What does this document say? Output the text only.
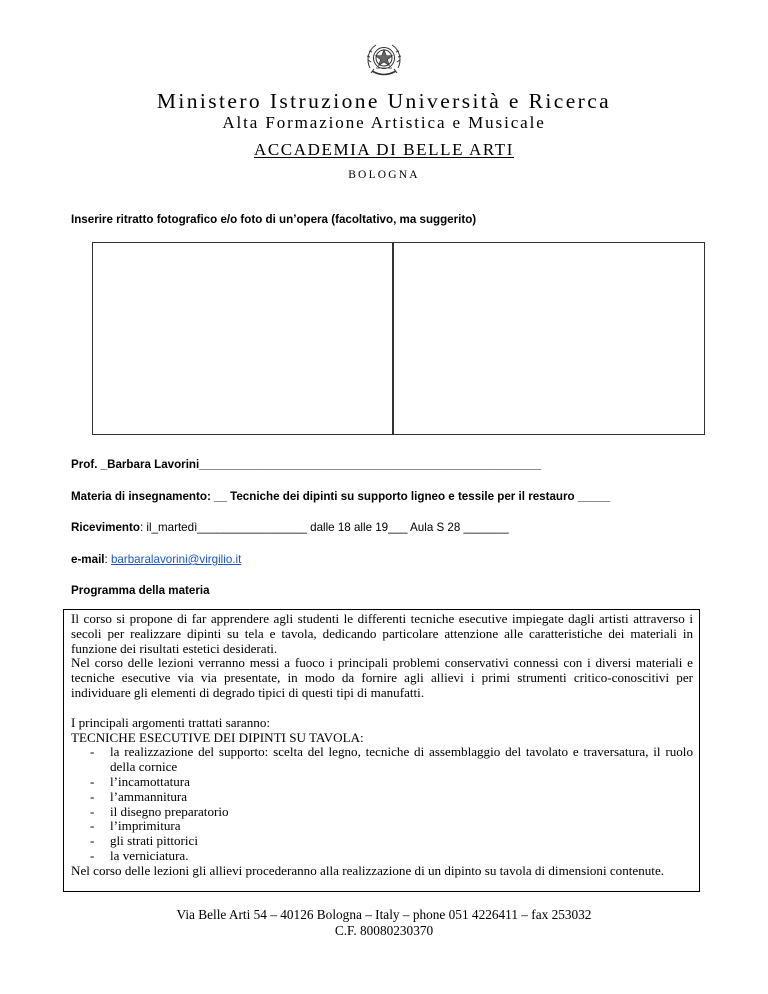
Ministero Istruzione Università e Ricerca
Alta Formazione Artistica e Musicale
ACCADEMIA DI BELLE ARTI
BOLOGNA
Inserire ritratto fotografico e/o foto di un’opera (facoltativo, ma suggerito)
Prof. _Barbara Lavorini_____________________________________________________
Materia di insegnamento: __ Tecniche dei dipinti su supporto ligneo e tessile per il restauro _____
Ricevimento: il_martedì_________________ dalle 18 alle 19___ Aula S 28 _______
e-mail: barbaralavorini@virgilio.it
Programma della materia

Il corso si propone di far apprendere agli studenti le differenti tecniche esecutive impiegate dagli artisti attraverso i secoli per realizzare dipinti su tela e tavola, dedicando particolare attenzione alle caratteristiche dei materiali in funzione dei risultati estetici desiderati.

Nel corso delle lezioni verranno messi a fuoco i principali problemi conservativi connessi con i diversi materiali e tecniche esecutive via via presentate, in modo da fornire agli allievi i primi strumenti critico-conoscitivi per individuare gli elementi di degrado tipici di questi tipi di manufatti.

I principali argomenti trattati saranno:

TECNICHE ESECUTIVE DEI DIPINTI SU TAVOLA:

- la realizzazione del supporto: scelta del legno, tecniche di assemblaggio del tavolato e traversatura, il ruolo della cornice
- l’incamottatura
- l’ammannitura
- il disegno preparatorio
- l’imprimitura
- gli strati pittorici
- la verniciatura.

Nel corso delle lezioni gli allievi procederanno alla realizzazione di un dipinto su tavola di dimensioni contenute.

Via Belle Arti 54 – 40126 Bologna – Italy – phone 051 4226411 – fax 253032
C.F. 80080230370
